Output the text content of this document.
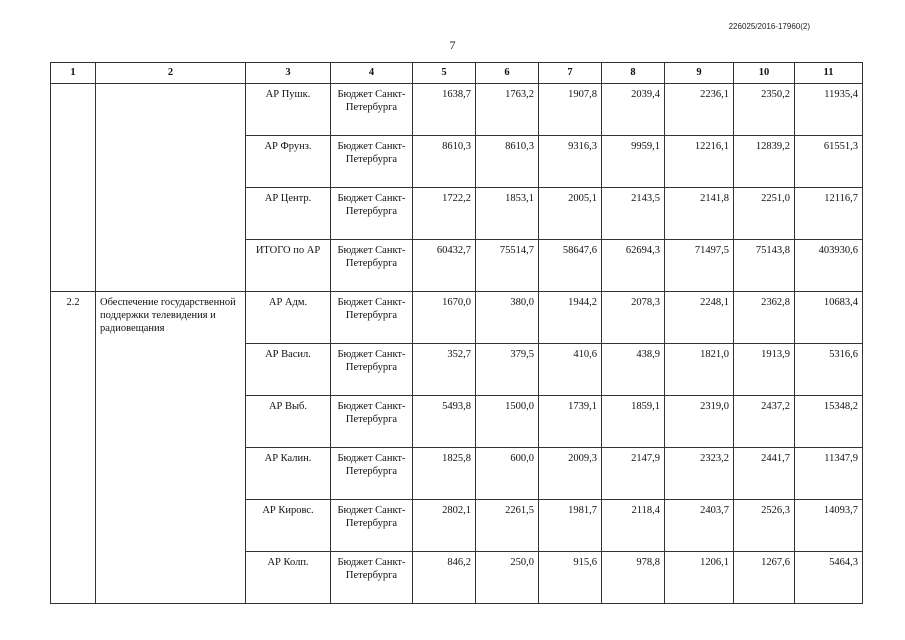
226025/2016-17960(2)
7
1	2	3	4	5	6	7	8	9	10	11
		АР Пушк.	Бюджет Санкт-Петербурга	1638,7	1763,2	1907,8	2039,4	2236,1	2350,2	11935,4
		АР Фрунз.	Бюджет Санкт-Петербурга	8610,3	8610,3	9316,3	9959,1	12216,1	12839,2	61551,3
		АР Центр.	Бюджет Санкт-Петербурга	1722,2	1853,1	2005,1	2143,5	2141,8	2251,0	12116,7
		ИТОГО по АР	Бюджет Санкт-Петербурга	60432,7	75514,7	58647,6	62694,3	71497,5	75143,8	403930,6
2.2	Обеспечение государственной поддержки телевидения и радиовещания	АР Адм.	Бюджет Санкт-Петербурга	1670,0	380,0	1944,2	2078,3	2248,1	2362,8	10683,4
		АР Васил.	Бюджет Санкт-Петербурга	352,7	379,5	410,6	438,9	1821,0	1913,9	5316,6
		АР Выб.	Бюджет Санкт-Петербурга	5493,8	1500,0	1739,1	1859,1	2319,0	2437,2	15348,2
		АР Калин.	Бюджет Санкт-Петербурга	1825,8	600,0	2009,3	2147,9	2323,2	2441,7	11347,9
		АР Кировс.	Бюджет Санкт-Петербурга	2802,1	2261,5	1981,7	2118,4	2403,7	2526,3	14093,7
		АР Колп.	Бюджет Санкт-Петербурга	846,2	250,0	915,6	978,8	1206,1	1267,6	5464,3
